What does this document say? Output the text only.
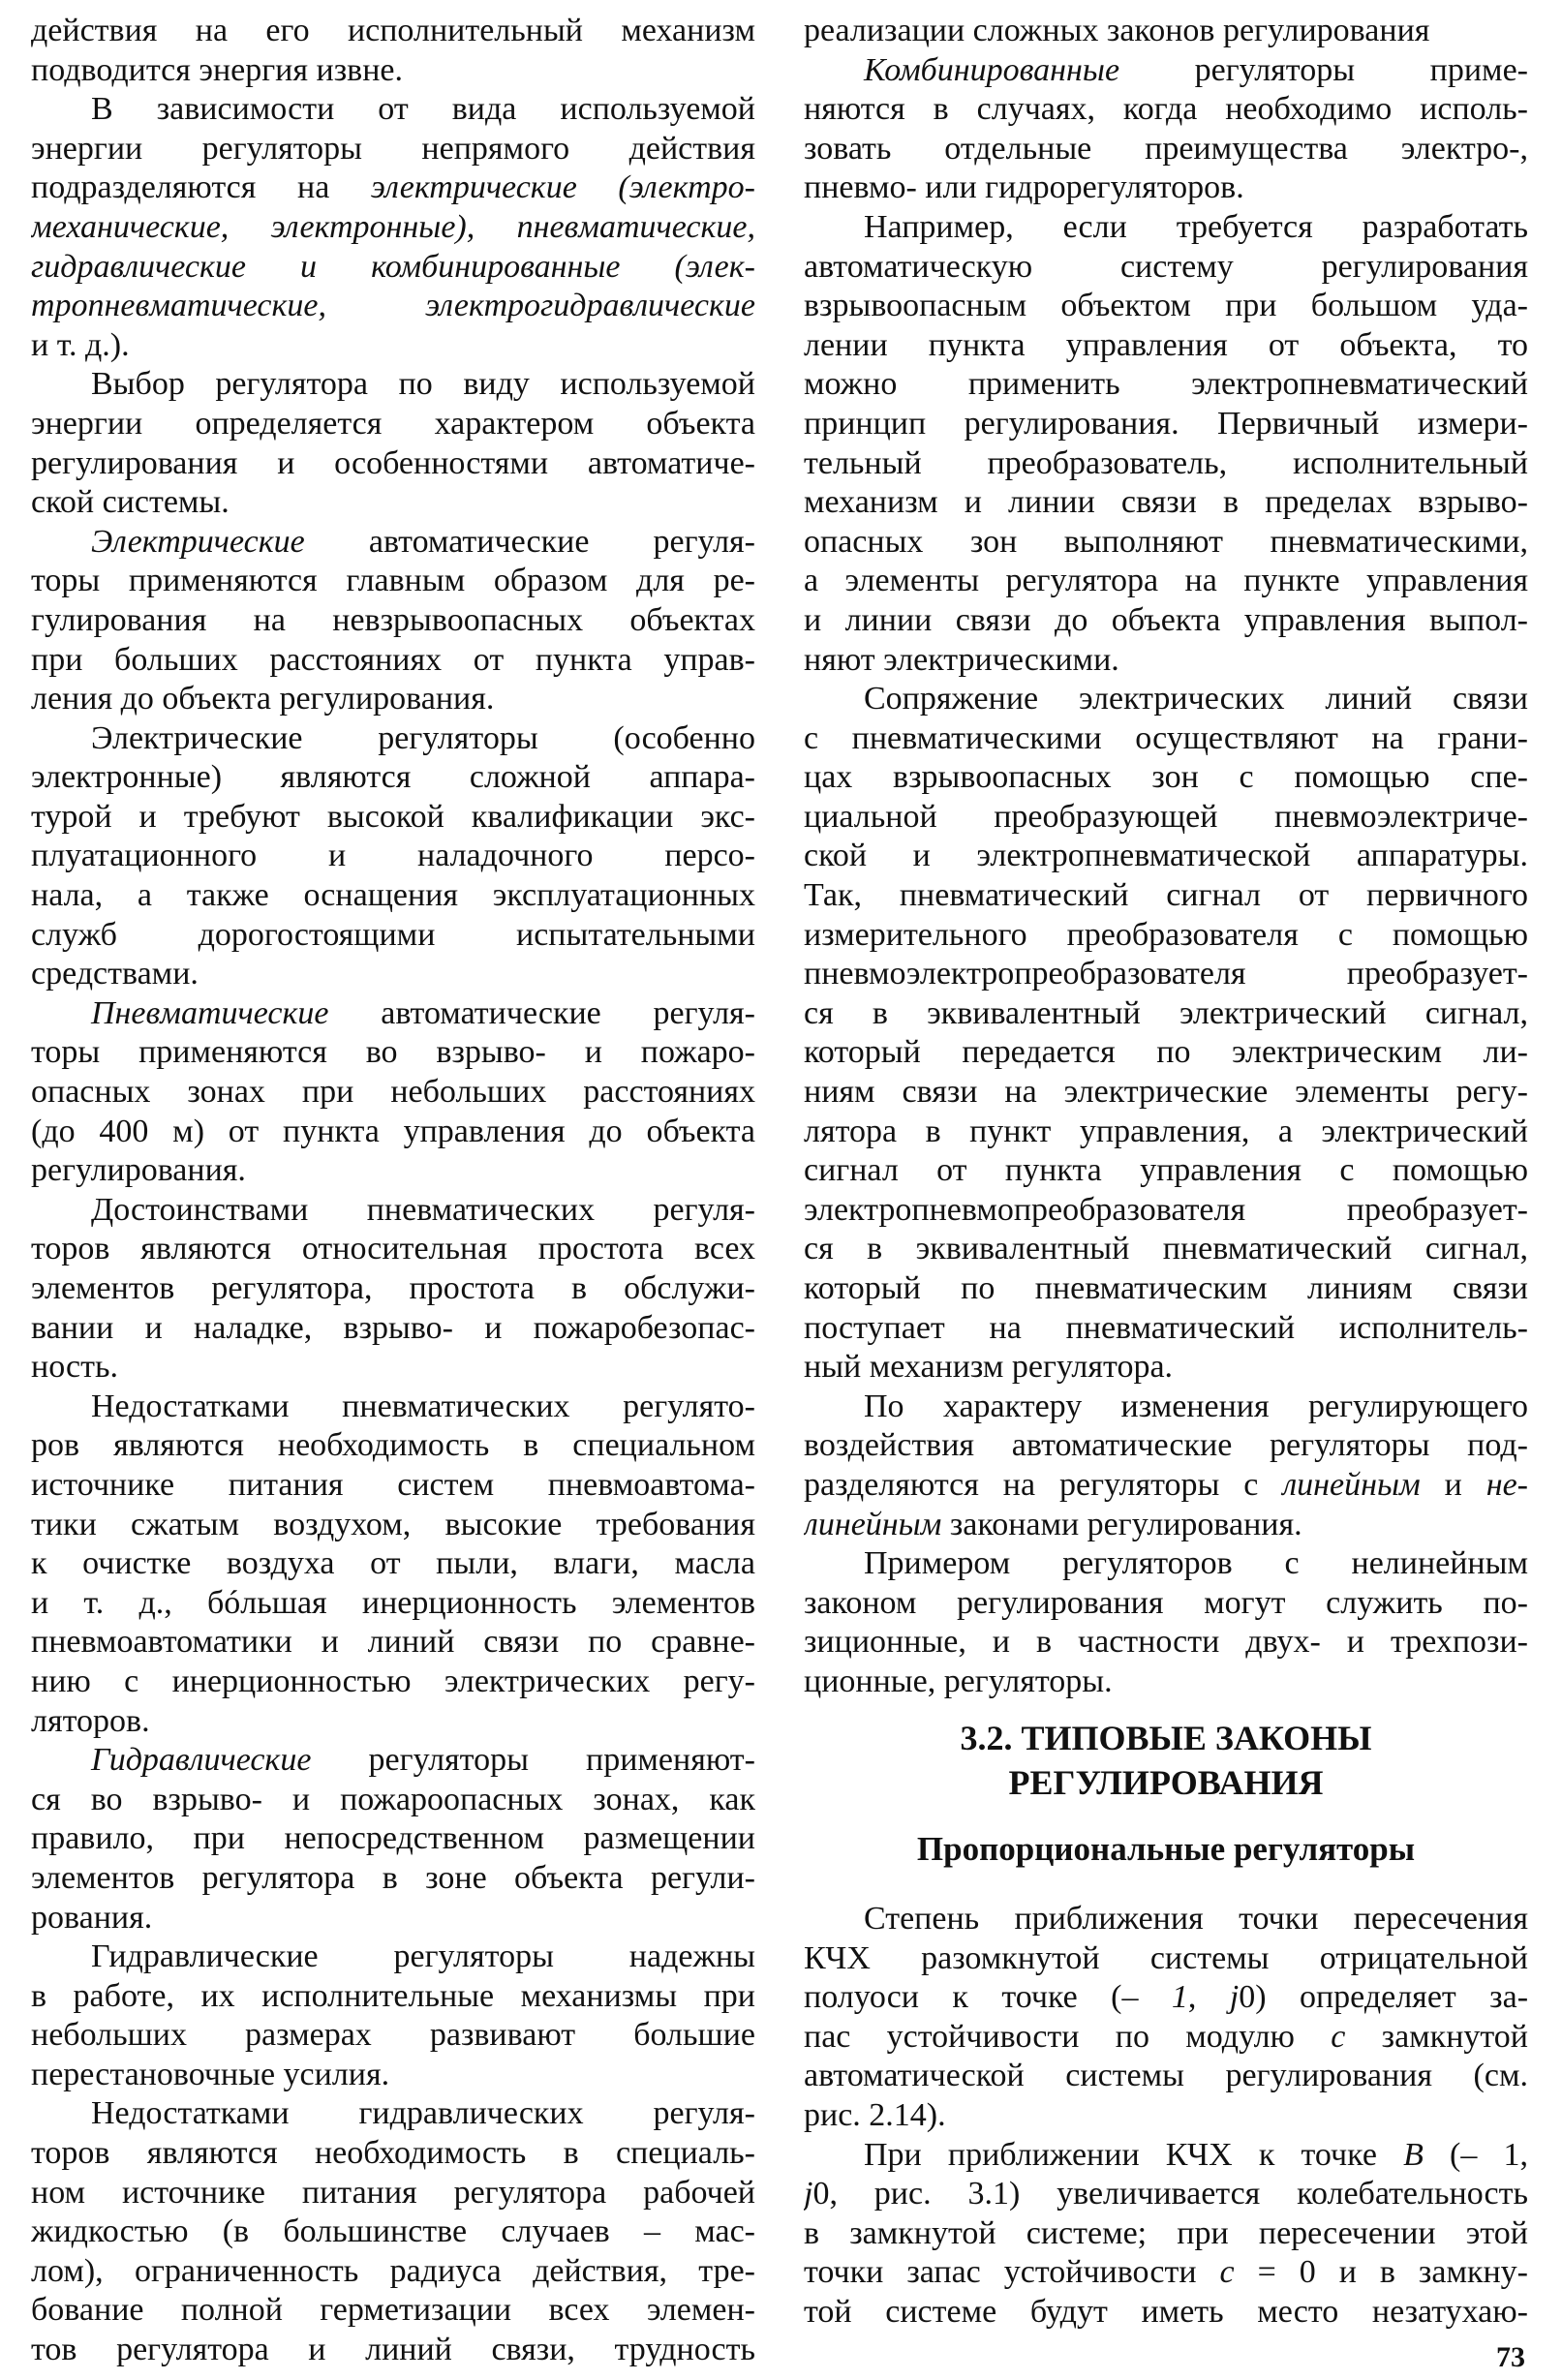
действия на его исполнительный механизм
подводится энергия извне.
В зависимости от вида используемой
энергии регуляторы непрямого действия
подразделяются на электрические (электро-
механические, электронные), пневматические,
гидравлические и комбинированные (элек-
тропневматические, электрогидравлические
и т. д.).
Выбор регулятора по виду используемой
энергии определяется характером объекта
регулирования и особенностями автоматиче-
ской системы.
Электрические автоматические регуля-
торы применяются главным образом для ре-
гулирования на невзрывоопасных объектах
при больших расстояниях от пункта управ-
ления до объекта регулирования.
Электрические регуляторы (особенно
электронные) являются сложной аппара-
турой и требуют высокой квалификации экс-
плуатационного и наладочного персо-
нала, а также оснащения эксплуатационных
служб дорогостоящими испытательными
средствами.
Пневматические автоматические регуля-
торы применяются во взрыво- и пожаро-
опасных зонах при небольших расстояниях
(до 400 м) от пункта управления до объекта
регулирования.
Достоинствами пневматических регуля-
торов являются относительная простота всех
элементов регулятора, простота в обслужи-
вании и наладке, взрыво- и пожаробезопас-
ность.
Недостатками пневматических регулято-
ров являются необходимость в специальном
источнике питания систем пневмоавтома-
тики сжатым воздухом, высокие требования
к очистке воздуха от пыли, влаги, масла
и т. д., бóльшая инерционность элементов
пневмоавтоматики и линий связи по сравне-
нию с инерционностью электрических регу-
ляторов.
Гидравлические регуляторы применяют-
ся во взрыво- и пожароопасных зонах, как
правило, при непосредственном размещении
элементов регулятора в зоне объекта регули-
рования.
Гидравлические регуляторы надежны
в работе, их исполнительные механизмы при
небольших размерах развивают большие
перестановочные усилия.
Недостатками гидравлических регуля-
торов являются необходимость в специаль-
ном источнике питания регулятора рабочей
жидкостью (в большинстве случаев – мас-
лом), ограниченность радиуса действия, тре-
бование полной герметизации всех элемен-
тов регулятора и линий связи, трудность
реализации сложных законов регулирования
Комбинированные регуляторы приме-
няются в случаях, когда необходимо исполь-
зовать отдельные преимущества электро-,
пневмо- или гидрорегуляторов.
Например, если требуется разработать
автоматическую систему регулирования
взрывоопасным объектом при большом уда-
лении пункта управления от объекта, то
можно применить электропневматический
принцип регулирования. Первичный измери-
тельный преобразователь, исполнительный
механизм и линии связи в пределах взрыво-
опасных зон выполняют пневматическими,
а элементы регулятора на пункте управления
и линии связи до объекта управления выпол-
няют электрическими.
Сопряжение электрических линий связи
с пневматическими осуществляют на грани-
цах взрывоопасных зон с помощью спе-
циальной преобразующей пневмоэлектриче-
ской и электропневматической аппаратуры.
Так, пневматический сигнал от первичного
измерительного преобразователя с помощью
пневмоэлектропреобразователя преобразует-
ся в эквивалентный электрический сигнал,
который передается по электрическим ли-
ниям связи на электрические элементы регу-
лятора в пункт управления, а электрический
сигнал от пункта управления с помощью
электропневмопреобразователя преобразует-
ся в эквивалентный пневматический сигнал,
который по пневматическим линиям связи
поступает на пневматический исполнитель-
ный механизм регулятора.
По характеру изменения регулирующего
воздействия автоматические регуляторы под-
разделяются на регуляторы с линейным и не-
линейным законами регулирования.
Примером регуляторов с нелинейным
законом регулирования могут служить по-
зиционные, и в частности двух- и трехпози-
ционные, регуляторы.
3.2. ТИПОВЫЕ ЗАКОНЫ
РЕГУЛИРОВАНИЯ
Пропорциональные регуляторы
Степень приближения точки пересечения
КЧХ разомкнутой системы отрицательной
полуоси к точке (– 1, j0) определяет за-
пас устойчивости по модулю c замкнутой
автоматической системы регулирования (см.
рис. 2.14).
При приближении КЧХ к точке B (– 1,
j0, рис. 3.1) увеличивается колебательность
в замкнутой системе; при пересечении этой
точки запас устойчивости c = 0 и в замкну-
той системе будут иметь место незатухаю-
73
